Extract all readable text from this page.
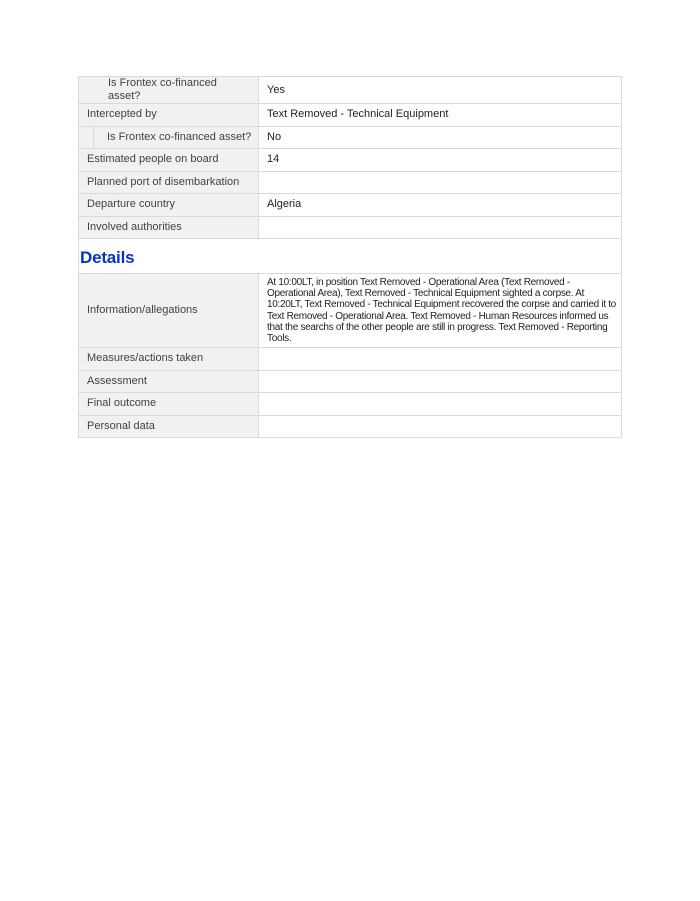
Is Frontex co-financed asset?	Yes
Intercepted by	Text Removed - Technical Equipment

Is Frontex co-financed asset?	No
Estimated people on board	14
Planned port of disembarkation	
Departure country	Algeria
Involved authorities	

Details	

Information/allegations	At 10:00LT, in position Text Removed - Operational Area (Text Removed - Operational Area), Text Removed - Technical Equipment sighted a corpse. At 10:20LT, Text Removed - Technical Equipment recovered the corpse and carried it to Text Removed - Operational Area. Text Removed - Human Resources informed us that the searchs of the other people are still in progress. Text Removed - Reporting Tools.

Measures/actions taken	
Assessment	
Final outcome	
Personal data	
